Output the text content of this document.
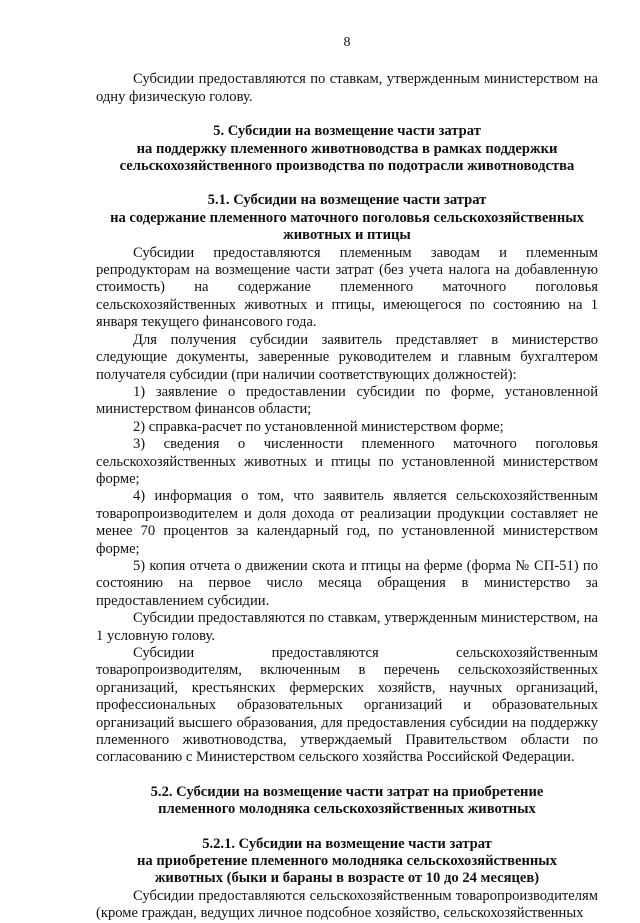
8

Субсидии предоставляются по ставкам, утвержденным министерством на одну физическую голову.

5. Субсидии на возмещение части затрат
на поддержку племенного животноводства в рамках поддержки
сельскохозяйственного производства по подотрасли животноводства
5.1. Субсидии на возмещение части затрат
на содержание племенного маточного поголовья сельскохозяйственных
животных и птицы

Субсидии предоставляются племенным заводам и племенным репродукторам на возмещение части затрат (без учета налога на добавленную стоимость) на содержание племенного маточного поголовья сельскохозяйственных животных и птицы, имеющегося по состоянию на 1 января текущего финансового года.

Для получения субсидии заявитель представляет в министерство следующие документы, заверенные руководителем и главным бухгалтером получателя субсидии (при наличии соответствующих должностей):

1) заявление о предоставлении субсидии по форме, установленной министерством финансов области;

2) справка-расчет по установленной министерством форме;

3) сведения о численности племенного маточного поголовья сельскохозяйственных животных и птицы по установленной министерством форме;

4) информация о том, что заявитель является сельскохозяйственным товаропроизводителем и доля дохода от реализации продукции составляет не менее 70 процентов за календарный год, по установленной министерством форме;

5) копия отчета о движении скота и птицы на ферме (форма № СП-51) по состоянию на первое число месяца обращения в министерство за предоставлением субсидии.

Субсидии предоставляются по ставкам, утвержденным министерством, на 1 условную голову.

Субсидии предоставляются сельскохозяйственным товаропроизводителям, включенным в перечень сельскохозяйственных организаций, крестьянских фермерских хозяйств, научных организаций, профессиональных образовательных организаций и образовательных организаций высшего образования, для предоставления субсидии на поддержку племенного животноводства, утверждаемый Правительством области по согласованию с Министерством сельского хозяйства Российской Федерации.

5.2. Субсидии на возмещение части затрат на приобретение
племенного молодняка сельскохозяйственных животных
5.2.1. Субсидии на возмещение части затрат
на приобретение племенного молодняка сельскохозяйственных
животных (быки и бараны в возрасте от 10 до 24 месяцев)

Субсидии предоставляются сельскохозяйственным товаропроизводителям (кроме граждан, ведущих личное подсобное хозяйство, сельскохозяйственных
